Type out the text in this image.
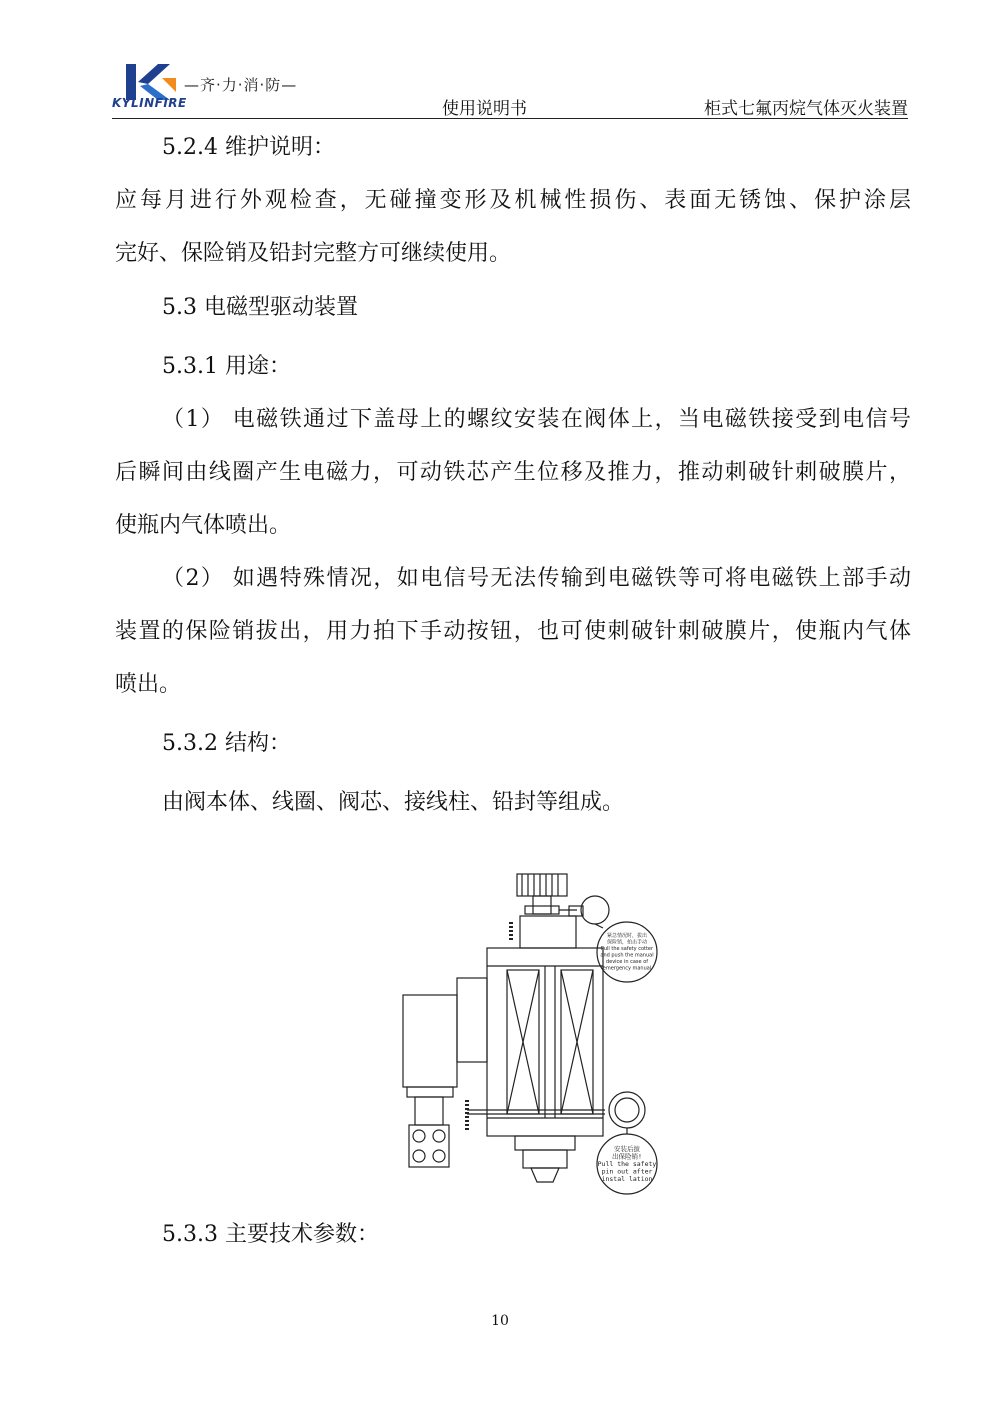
KYLINFIRE
—齐·力·消·防—
使用说明书	柜式七氟丙烷气体灭火装置
5.2.4 维护说明：
应每月进行外观检查，无碰撞变形及机械性损伤、表面无锈蚀、保护涂层
完好、保险销及铅封完整方可继续使用。
5.3 电磁型驱动装置
5.3.1 用途：
（1） 电磁铁通过下盖母上的螺纹安装在阀体上，当电磁铁接受到电信号
后瞬间由线圈产生电磁力，可动铁芯产生位移及推力，推动刺破针刺破膜片，
使瓶内气体喷出。
（2） 如遇特殊情况，如电信号无法传输到电磁铁等可将电磁铁上部手动
装置的保险销拔出，用力拍下手动按钮，也可使刺破针刺破膜片，使瓶内气体
喷出。
5.3.2 结构：
由阀本体、线圈、阀芯、接线柱、铅封等组成。
紧急情况时，拔出
保险销，拍击手动
Pull the safety cotter
and push the manual
device in case of
emergency manual
安装后拔
出保险销!
Pull the safety
pin out after
instal lation
5.3.3 主要技术参数：
10
